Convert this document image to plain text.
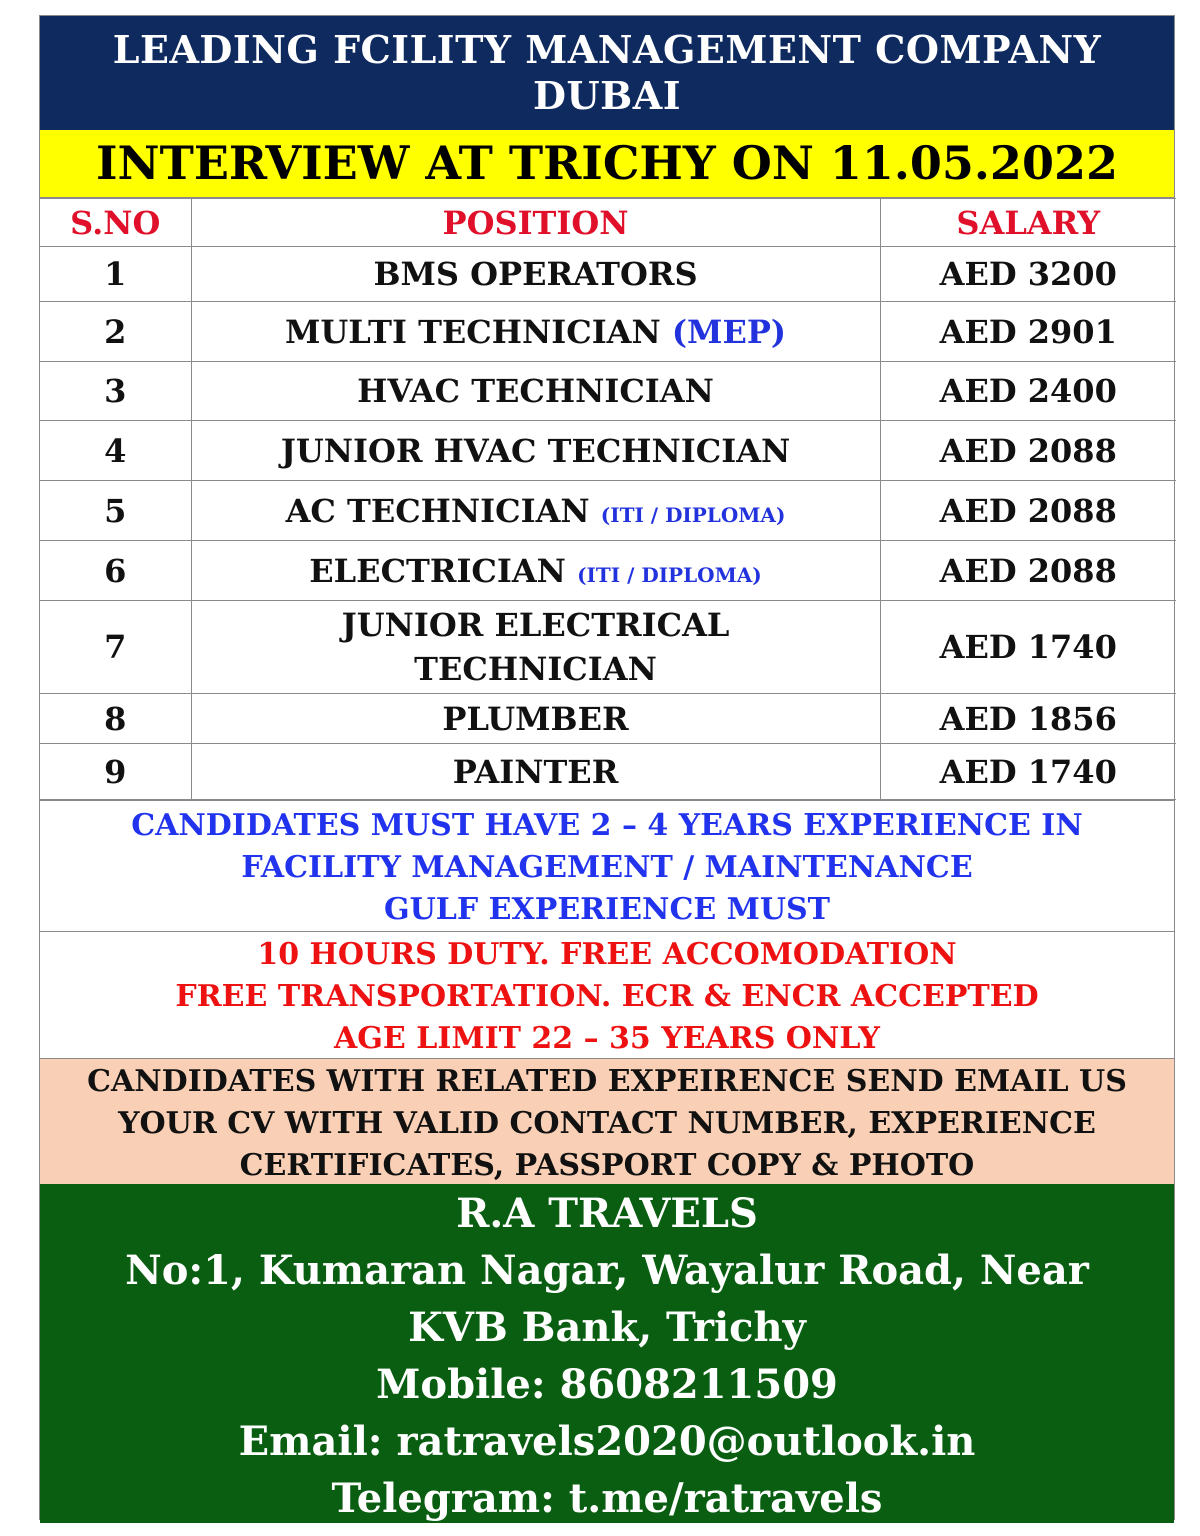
LEADING FCILITY MANAGEMENT COMPANY
DUBAI
INTERVIEW AT TRICHY ON 11.05.2022
S.NO	POSITION	SALARY
1	BMS OPERATORS	AED 3200
2	MULTI TECHNICIAN (MEP)	AED 2901
3	HVAC TECHNICIAN	AED 2400
4	JUNIOR HVAC TECHNICIAN	AED 2088
5	AC TECHNICIAN (ITI / DIPLOMA)	AED 2088
6	ELECTRICIAN (ITI / DIPLOMA)	AED 2088
7	JUNIOR ELECTRICAL
TECHNICIAN	AED 1740
8	PLUMBER	AED 1856
9	PAINTER	AED 1740
CANDIDATES MUST HAVE 2 – 4 YEARS EXPERIENCE IN
FACILITY MANAGEMENT / MAINTENANCE
GULF EXPERIENCE MUST
10 HOURS DUTY. FREE ACCOMODATION
FREE TRANSPORTATION. ECR & ENCR ACCEPTED
AGE LIMIT 22 – 35 YEARS ONLY
CANDIDATES WITH RELATED EXPEIRENCE SEND EMAIL US
YOUR CV WITH VALID CONTACT NUMBER, EXPERIENCE
CERTIFICATES, PASSPORT COPY & PHOTO
R.A TRAVELS
No:1, Kumaran Nagar, Wayalur Road, Near
KVB Bank, Trichy
Mobile: 8608211509
Email: ratravels2020@outlook.in
Telegram: t.me/ratravels
